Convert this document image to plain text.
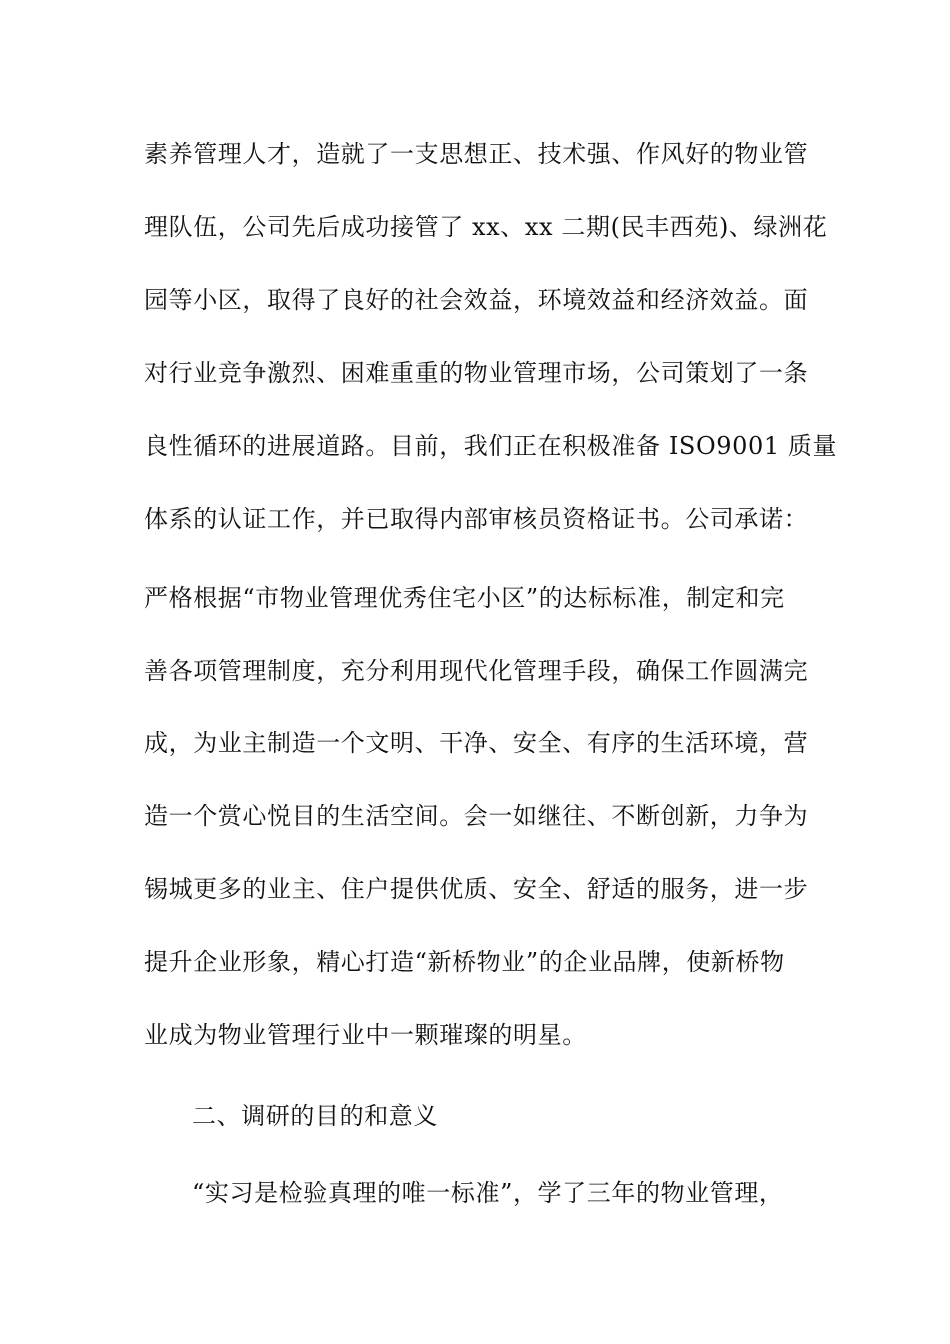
素养管理人才，造就了一支思想正、技术强、作风好的物业管
理队伍，公司先后成功接管了 xx、xx 二期(民丰西苑)、绿洲花
园等小区，取得了良好的社会效益，环境效益和经济效益。面
对行业竞争激烈、困难重重的物业管理市场，公司策划了一条
良性循环的进展道路。目前，我们正在积极准备 ISO9001 质量
体系的认证工作，并已取得内部审核员资格证书。公司承诺：
严格根据“市物业管理优秀住宅小区”的达标标准，制定和完
善各项管理制度，充分利用现代化管理手段，确保工作圆满完
成，为业主制造一个文明、干净、安全、有序的生活环境，营
造一个赏心悦目的生活空间。会一如继往、不断创新，力争为
锡城更多的业主、住户提供优质、安全、舒适的服务，进一步
提升企业形象，精心打造“新桥物业”的企业品牌，使新桥物
业成为物业管理行业中一颗璀璨的明星。
二、调研的目的和意义
“实习是检验真理的唯一标准”，学了三年的物业管理，
